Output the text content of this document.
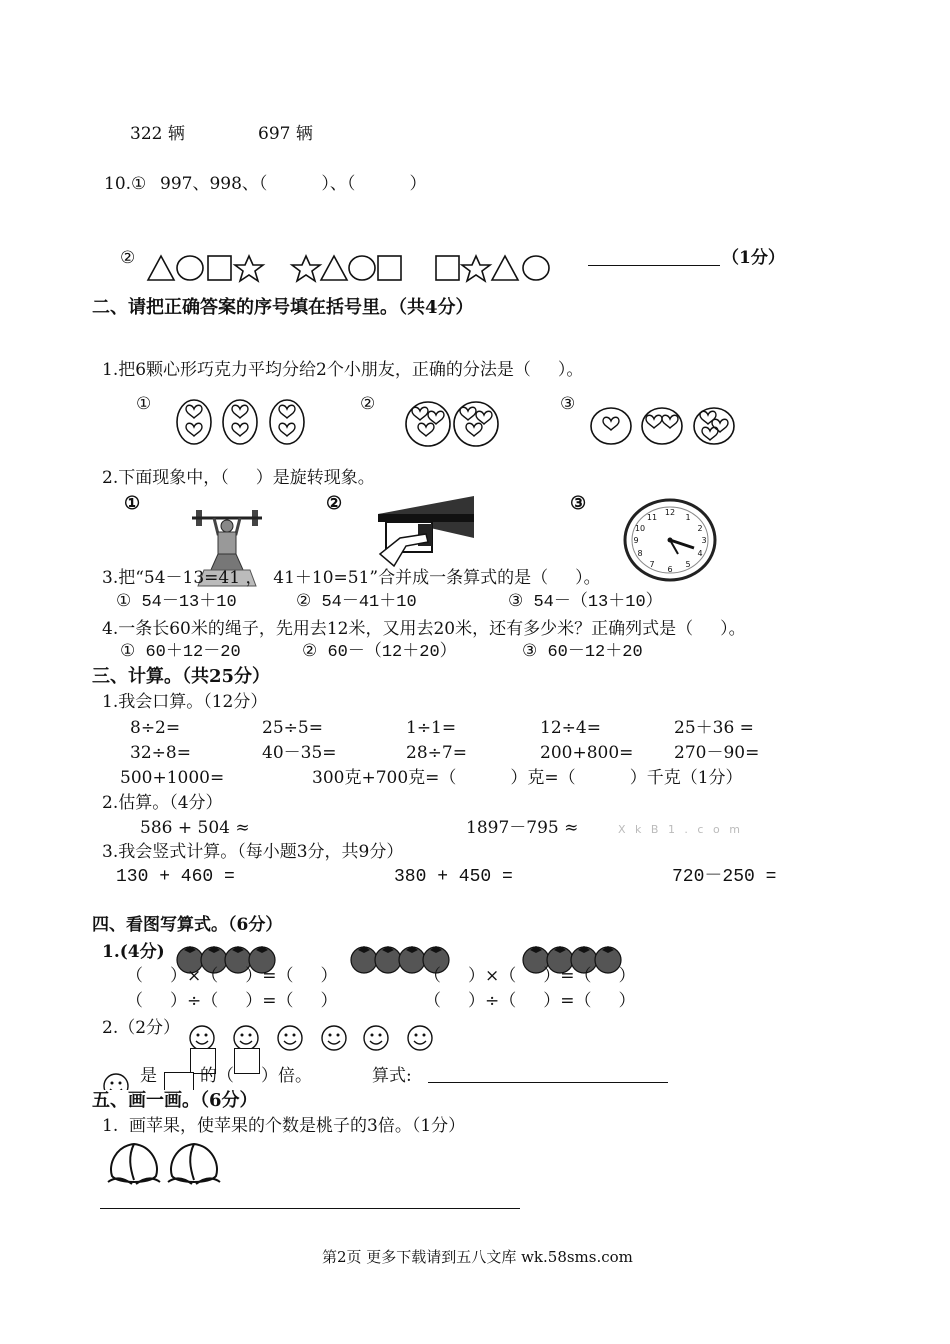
322 辆	697 辆
10.① 997、998、（          ）、（          ）
②	（1分）
二、请把正确答案的序号填在括号里。（共4分）
1.把6颗心形巧克力平均分给2个小朋友，正确的分法是（     ）。
①	②	③
2.下面现象中，（     ）是旋转现象。
①	②	③	12
1
2
3
4
5
6
7
8
9
10
11
3.把“54－13=41 ，  41＋10=51”合并成一条算式的是（     ）。
① 54－13＋10	② 54－41＋10	③ 54－（13＋10）
4.一条长60米的绳子，先用去12米，又用去20米，还有多少米？正确列式是（     ）。
① 60＋12－20	② 60－（12＋20）	③ 60－12＋20
三、计算。（共25分）
1.我会口算。（12分）
8÷2=	25÷5=	1÷1=	12÷4=	25＋36 =
32÷8=	40－35=	28÷7=	200+800= 270－90=
500+1000=	300克+700克=（          ）克=（          ）千克（1分）
2.估算。（4分）
586 + 504 ≈	1897－795 ≈	X k B 1 . c o m
3.我会竖式计算。（每小题3分，共9分）
130 + 460 =	380 + 450 =	720－250 =
四、看图写算式。（6分）
1.(4分)
（     ）×（     ）=（     ）	（     ）×（     ）=（     ）
（     ）÷（     ）=（     ）	（     ）÷（     ）=（     ）
2.（2分）
是	的（     ）倍。	算式:
五、画一画。（6分）
1.  画苹果，使苹果的个数是桃子的3倍。（1分）
第2页 更多下载请到五八文库 wk.58sms.com
